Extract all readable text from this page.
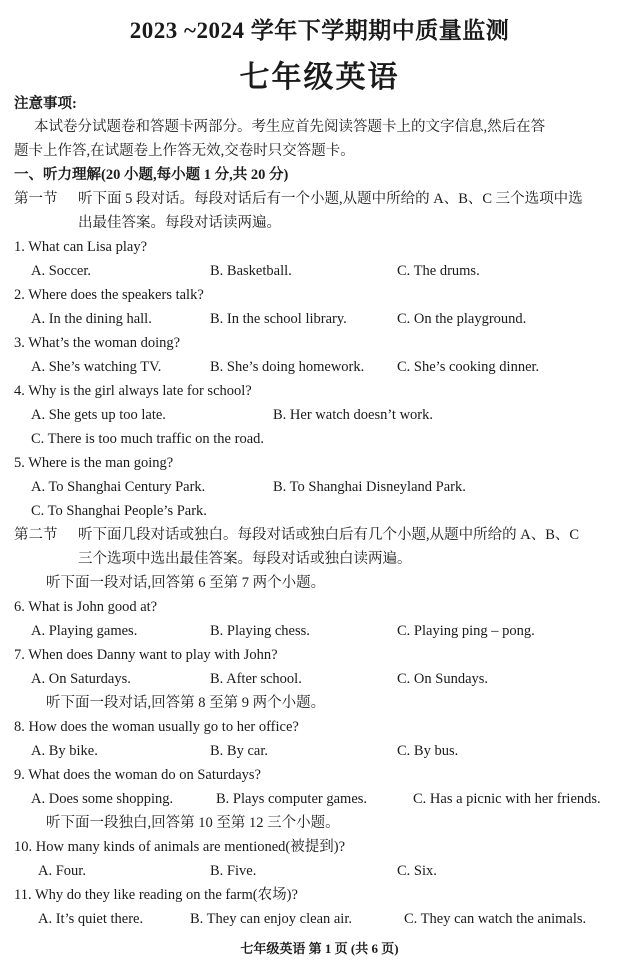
2023 ~2024 学年下学期期中质量监测
七年级英语
注意事项:
本试卷分试题卷和答题卡两部分。考生应首先阅读答题卡上的文字信息,然后在答
题卡上作答,在试题卷上作答无效,交卷时只交答题卡。
一、听力理解(20 小题,每小题 1 分,共 20 分)
第一节 听下面 5 段对话。每段对话后有一个小题,从题中所给的 A、B、C 三个选项中选
出最佳答案。每段对话读两遍。
1. What can Lisa play?
A. Soccer.	B. Basketball.	C. The drums.
2. Where does the speakers talk?
A. In the dining hall.	B. In the school library.	C. On the playground.
3. What’s the woman doing?
A. She’s watching TV.	B. She’s doing homework. C. She’s cooking dinner.
4. Why is the girl always late for school?
A. She gets up too late.	B. Her watch doesn’t work.
C. There is too much traffic on the road.
5. Where is the man going?
A. To Shanghai Century Park.	B. To Shanghai Disneyland Park.
C. To Shanghai People’s Park.
第二节 听下面几段对话或独白。每段对话或独白后有几个小题,从题中所给的 A、B、C
三个选项中选出最佳答案。每段对话或独白读两遍。
听下面一段对话,回答第 6 至第 7 两个小题。
6. What is John good at?
A. Playing games.	B. Playing chess.	C. Playing ping – pong.
7. When does Danny want to play with John?
A. On Saturdays.	B. After school.	C. On Sundays.
听下面一段对话,回答第 8 至第 9 两个小题。
8. How does the woman usually go to her office?
A. By bike.	B. By car.	C. By bus.
9. What does the woman do on Saturdays?
A. Does some shopping.	B. Plays computer games.	C. Has a picnic with her friends.
听下面一段独白,回答第 10 至第 12 三个小题。
10. How many kinds of animals are mentioned(被提到)?
A. Four.	B. Five.	C. Six.
11. Why do they like reading on the farm(农场)?
A. It’s quiet there.	B. They can enjoy clean air.	C. They can watch the animals.
七年级英语 第 1 页 (共 6 页)
